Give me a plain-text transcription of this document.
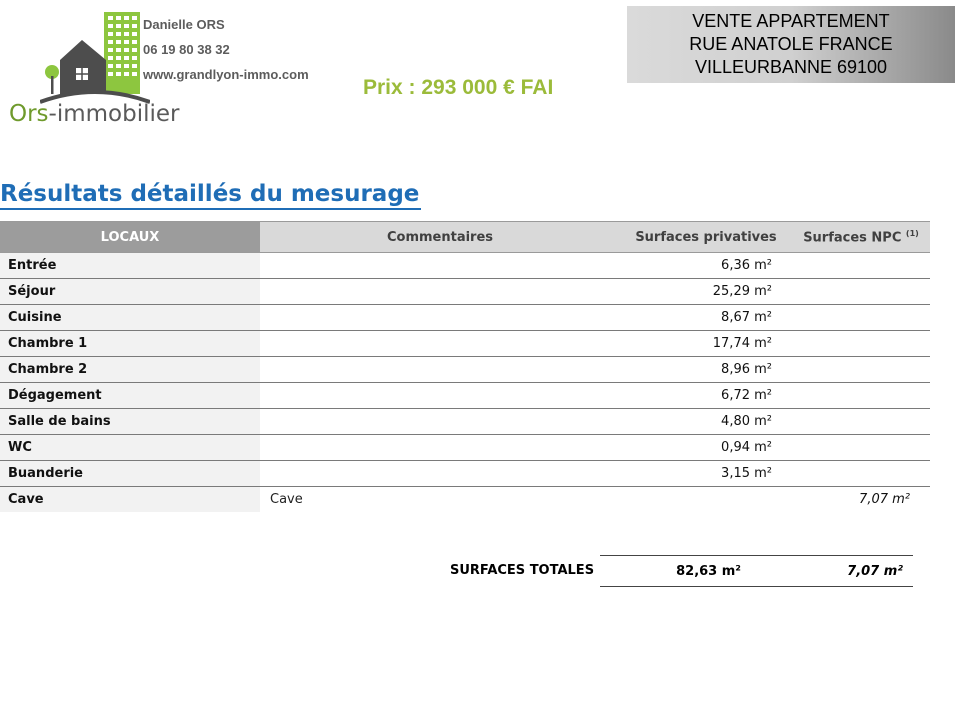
Ors-immobilier
Danielle ORS
06 19 80 38 32
www.grandlyon-immo.com
Prix : 293 000 € FAI
VENTE APPARTEMENT
RUE ANATOLE FRANCE
VILLEURBANNE 69100
Résultats détaillés du mesurage
LOCAUX	Commentaires	Surfaces privatives	Surfaces NPC $^{(1)}$
Entrée		6,36 m²	
Séjour		25,29 m²	
Cuisine		8,67 m²	
Chambre 1		17,74 m²	
Chambre 2		8,96 m²	
Dégagement		6,72 m²	
Salle de bains		4,80 m²	
WC		0,94 m²	
Buanderie		3,15 m²	
Cave	Cave		7,07 m²
SURFACES TOTALES	82,63 m²	7,07 m²
